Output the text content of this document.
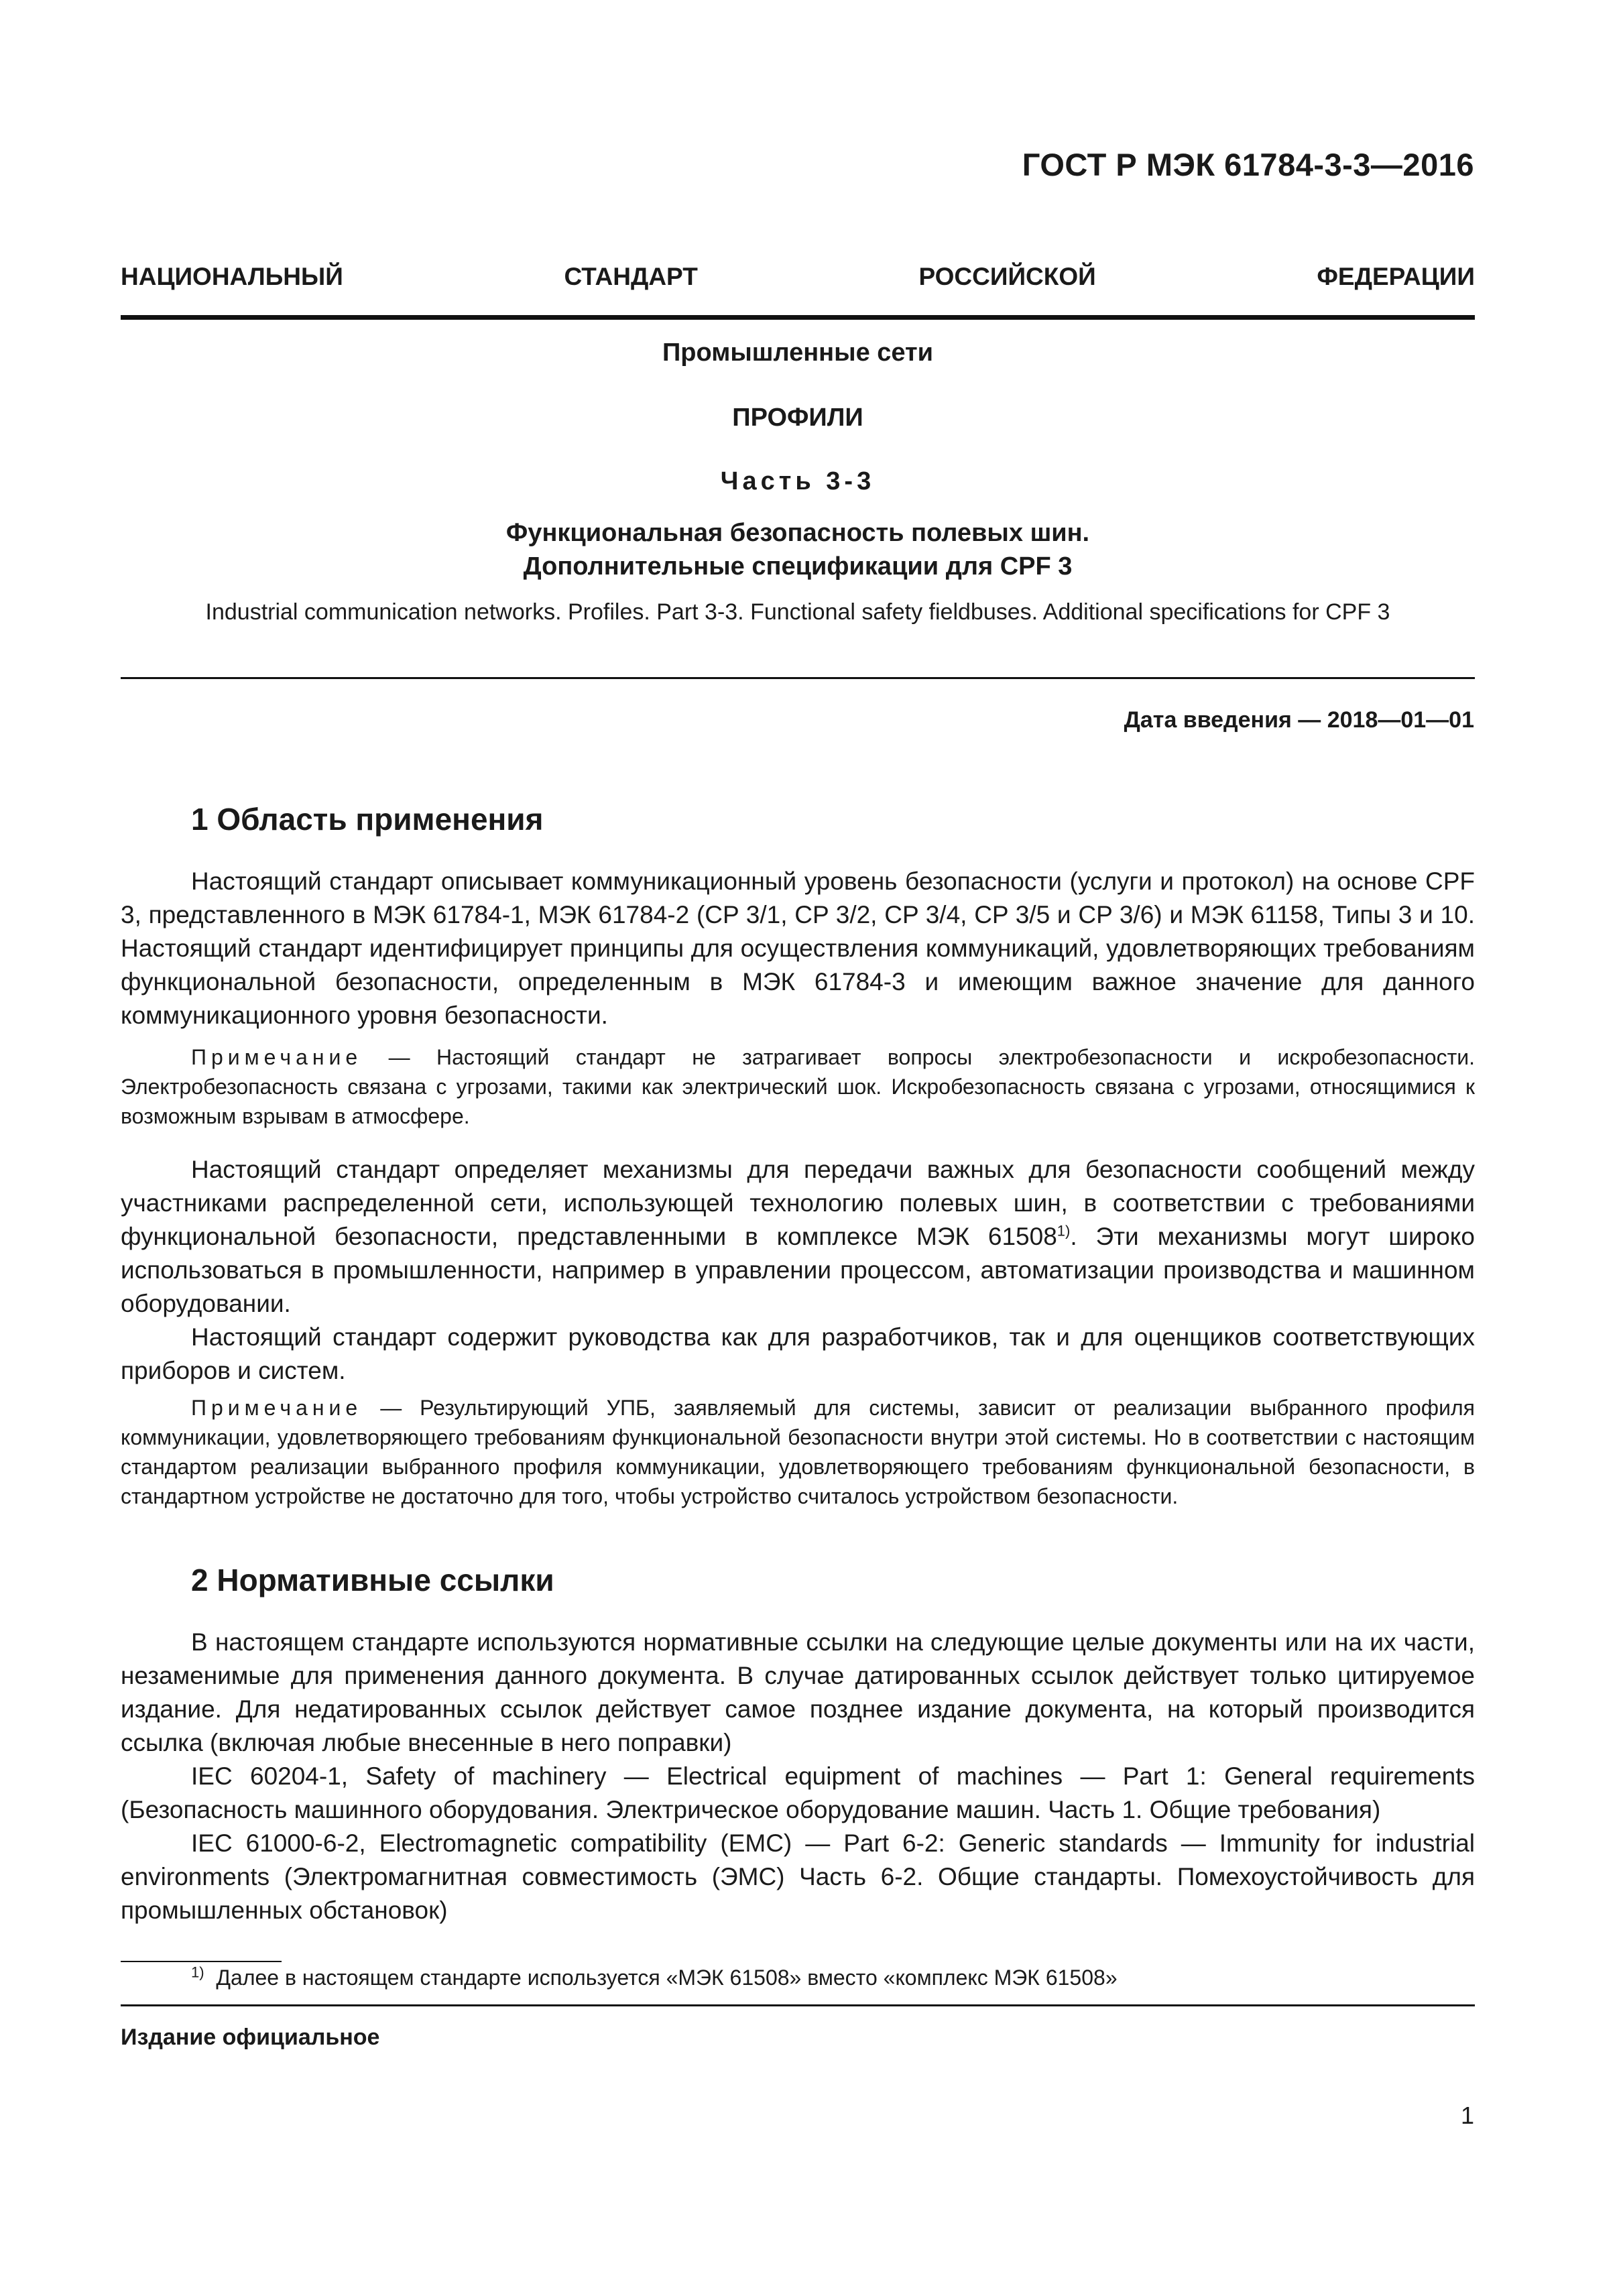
ГОСТ Р МЭК 61784-3-3—2016
НАЦИОНАЛЬНЫЙ СТАНДАРТ РОССИЙСКОЙ ФЕДЕРАЦИИ
Промышленные сети
ПРОФИЛИ
Часть 3-3
Функциональная безопасность полевых шин.
Дополнительные спецификации для CPF 3
Industrial communication networks. Profiles. Part 3-3. Functional safety fieldbuses. Additional specifications for CPF 3
Дата введения — 2018—01—01
1 Область применения

Настоящий стандарт описывает коммуникационный уровень безопасности (услуги и протокол) на основе CPF 3, представленного в МЭК 61784-1, МЭК 61784-2 (CP 3/1, CP 3/2, CP 3/4, CP 3/5 и CP 3/6) и МЭК 61158, Типы 3 и 10. Настоящий стандарт идентифицирует принципы для осуществления коммуникаций, удовлетворяющих требованиям функциональной безопасности, определенным в МЭК 61784-3 и имеющим важное значение для данного коммуникационного уровня безопасности.

Примечание — Настоящий стандарт не затрагивает вопросы электробезопасности и искробезопасности. Электробезопасность связана с угрозами, такими как электрический шок. Искробезопасность связана с угрозами, относящимися к возможным взрывам в атмосфере.

Настоящий стандарт определяет механизмы для передачи важных для безопасности сообщений между участниками распределенной сети, использующей технологию полевых шин, в соответствии с требованиями функциональной безопасности, представленными в комплексе МЭК 61508$^{1)}$. Эти механизмы могут широко использоваться в промышленности, например в управлении процессом, автоматизации производства и машинном оборудовании.

Настоящий стандарт содержит руководства как для разработчиков, так и для оценщиков соответствующих приборов и систем.

Примечание — Результирующий УПБ, заявляемый для системы, зависит от реализации выбранного профиля коммуникации, удовлетворяющего требованиям функциональной безопасности внутри этой системы. Но в соответствии с настоящим стандартом реализации выбранного профиля коммуникации, удовлетворяющего требованиям функциональной безопасности, в стандартном устройстве не достаточно для того, чтобы устройство считалось устройством безопасности.

2 Нормативные ссылки

В настоящем стандарте используются нормативные ссылки на следующие целые документы или на их части, незаменимые для применения данного документа. В случае датированных ссылок действует только цитируемое издание. Для недатированных ссылок действует самое позднее издание документа, на который производится ссылка (включая любые внесенные в него поправки)

IEC 60204-1, Safety of machinery — Electrical equipment of machines — Part 1: General requirements (Безопасность машинного оборудования. Электрическое оборудование машин. Часть 1. Общие требования)

IEC 61000-6-2, Electromagnetic compatibility (EMC) — Part 6-2: Generic standards — Immunity for industrial environments (Электромагнитная совместимость (ЭМС) Часть 6-2. Общие стандарты. Помехоустойчивость для промышленных обстановок)

$^{1)}$ Далее в настоящем стандарте используется «МЭК 61508» вместо «комплекс МЭК 61508»
Издание официальное
1
